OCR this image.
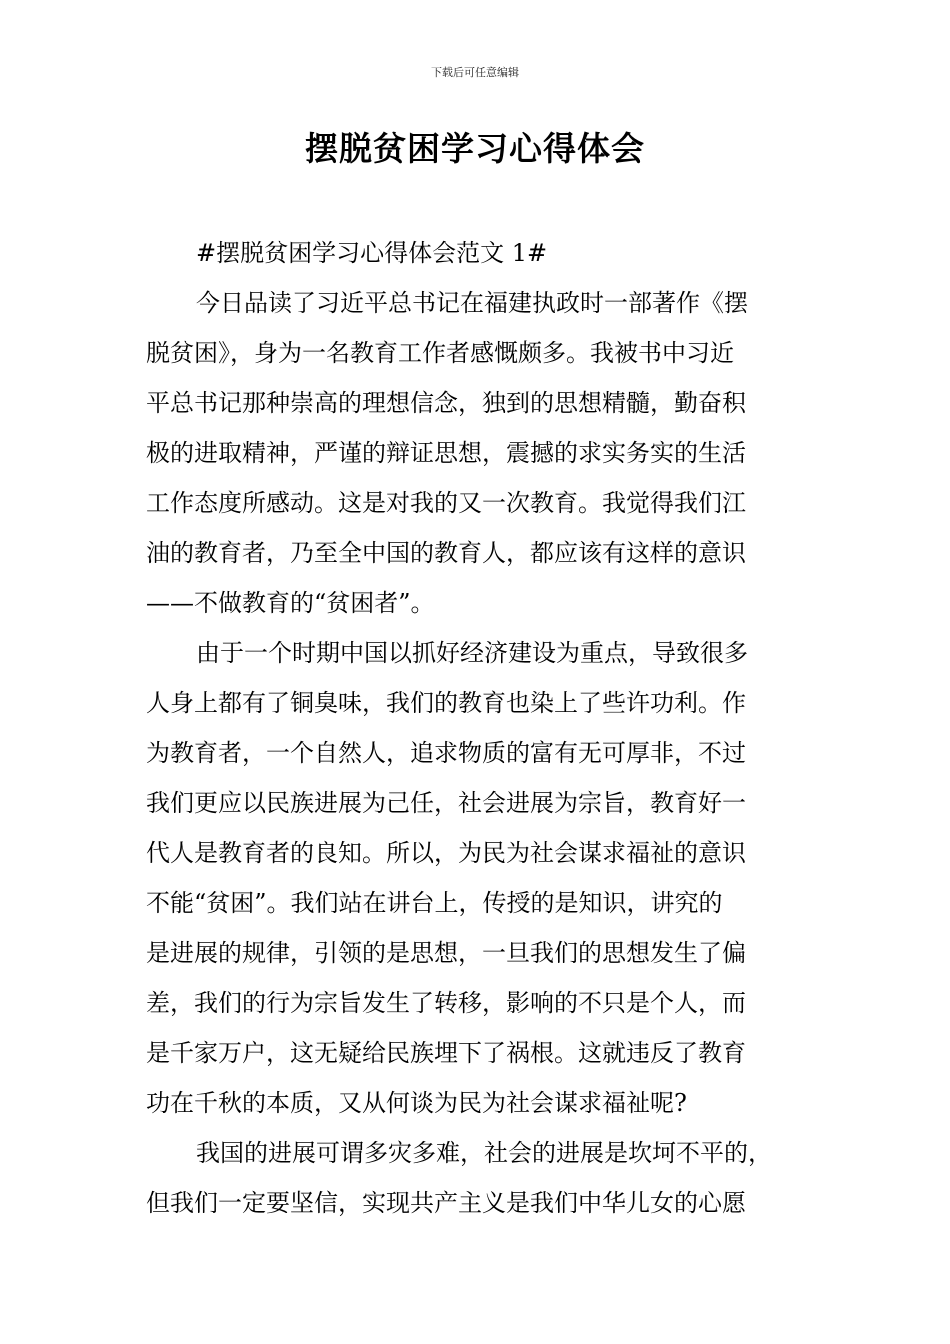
下载后可任意编辑
摆脱贫困学习心得体会

#摆脱贫困学习心得体会范文 1#

今日品读了习近平总书记在福建执政时一部著作《摆
脱贫困》，身为一名教育工作者感慨颇多。我被书中习近
平总书记那种崇高的理想信念，独到的思想精髓，勤奋积
极的进取精神，严谨的辩证思想，震撼的求实务实的生活
工作态度所感动。这是对我的又一次教育。我觉得我们江
油的教育者，乃至全中国的教育人，都应该有这样的意识
——不做教育的“贫困者”。
由于一个时期中国以抓好经济建设为重点，导致很多
人身上都有了铜臭味，我们的教育也染上了些许功利。作
为教育者，一个自然人，追求物质的富有无可厚非，不过
我们更应以民族进展为己任，社会进展为宗旨，教育好一
代人是教育者的良知。所以，为民为社会谋求福祉的意识
不能“贫困”。我们站在讲台上，传授的是知识，讲究的
是进展的规律，引领的是思想，一旦我们的思想发生了偏
差，我们的行为宗旨发生了转移，影响的不只是个人，而
是千家万户，这无疑给民族埋下了祸根。这就违反了教育
功在千秋的本质，又从何谈为民为社会谋求福祉呢?
我国的进展可谓多灾多难，社会的进展是坎坷不平的，
但我们一定要坚信，实现共产主义是我们中华儿女的心愿
